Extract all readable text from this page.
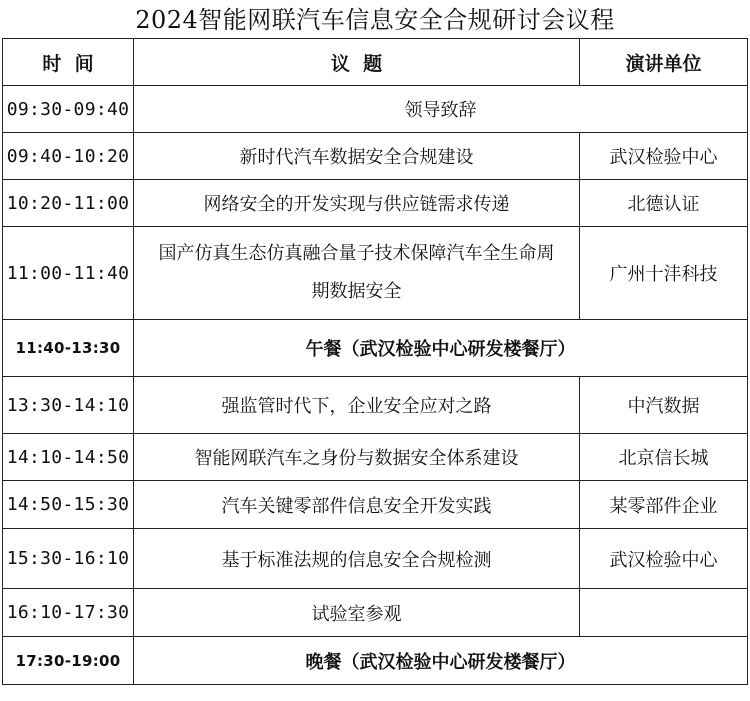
2024智能网联汽车信息安全合规研讨会议程
时  间	议  题	演讲单位
09:30-09:40	领导致辞	
09:40-10:20	新时代汽车数据安全合规建设	武汉检验中心
10:20-11:00	网络安全的开发实现与供应链需求传递	北德认证
11:00-11:40	国产仿真生态仿真融合量子技术保障汽车全生命周期数据安全	广州十沣科技
11:40-13:30	午餐（武汉检验中心研发楼餐厅）	
13:30-14:10	强监管时代下，企业安全应对之路	中汽数据
14:10-14:50	智能网联汽车之身份与数据安全体系建设	北京信长城
14:50-15:30	汽车关键零部件信息安全开发实践	某零部件企业
15:30-16:10	基于标准法规的信息安全合规检测	武汉检验中心
16:10-17:30	试验室参观	
17:30-19:00	晚餐（武汉检验中心研发楼餐厅）	
